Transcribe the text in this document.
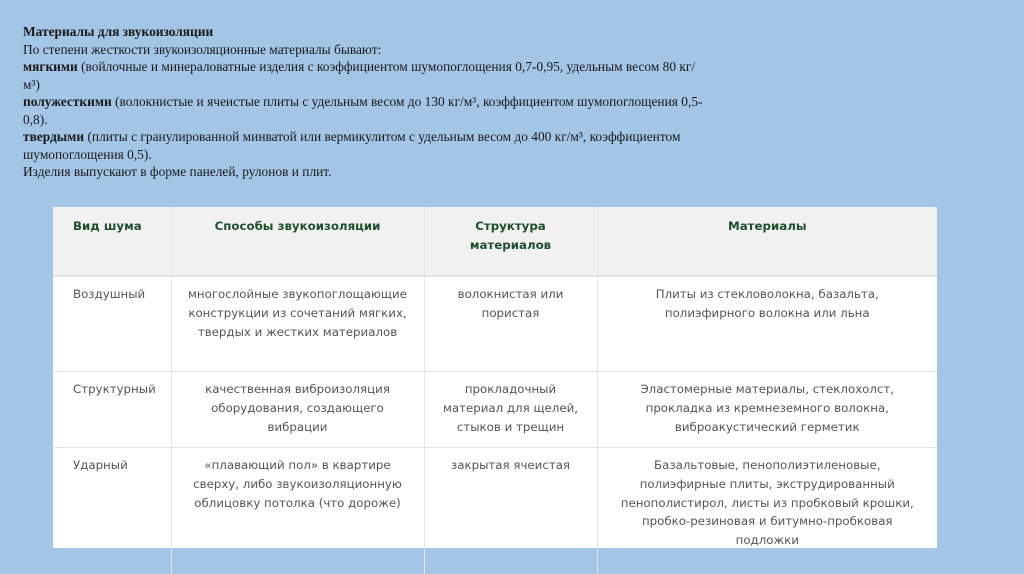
Материалы для звукоизоляции

По степени жесткости звукоизоляционные материалы бывают:

мягкими (войлочные и минераловатные изделия с коэффициентом шумопоглощения 0,7-0,95, удельным весом 80 кг/м³)

полужесткими (волокнистые и ячеистые плиты с удельным весом до 130 кг/м³, коэффициентом шумопоглощения 0,5-0,8).

твердыми (плиты с гранулированной минватой или вермикулитом с удельным весом до 400 кг/м³, коэффициентом шумопоглощения 0,5).

Изделия выпускают в форме панелей, рулонов и плит.

Вид шума	Способы звукоизоляции	Структура материалов	Материалы
Воздушный	многослойные звукопоглощающие конструкции из сочетаний мягких, твердых и жестких материалов	волокнистая или пористая	Плиты из стекловолокна, базальта, полиэфирного волокна или льна
Структурный	качественная виброизоляция оборудования, создающего вибрации	прокладочный материал для щелей, стыков и трещин	Эластомерные материалы, стеклохолст, прокладка из кремнеземного волокна, виброакустический герметик
Ударный	«плавающий пол» в квартире сверху, либо звукоизоляционную облицовку потолка (что дороже)	закрытая ячеистая	Базальтовые, пенополиэтиленовые, полиэфирные плиты, экструдированный пенополистирол, листы из пробковый крошки, пробко-резиновая и битумно-пробковая подложки
